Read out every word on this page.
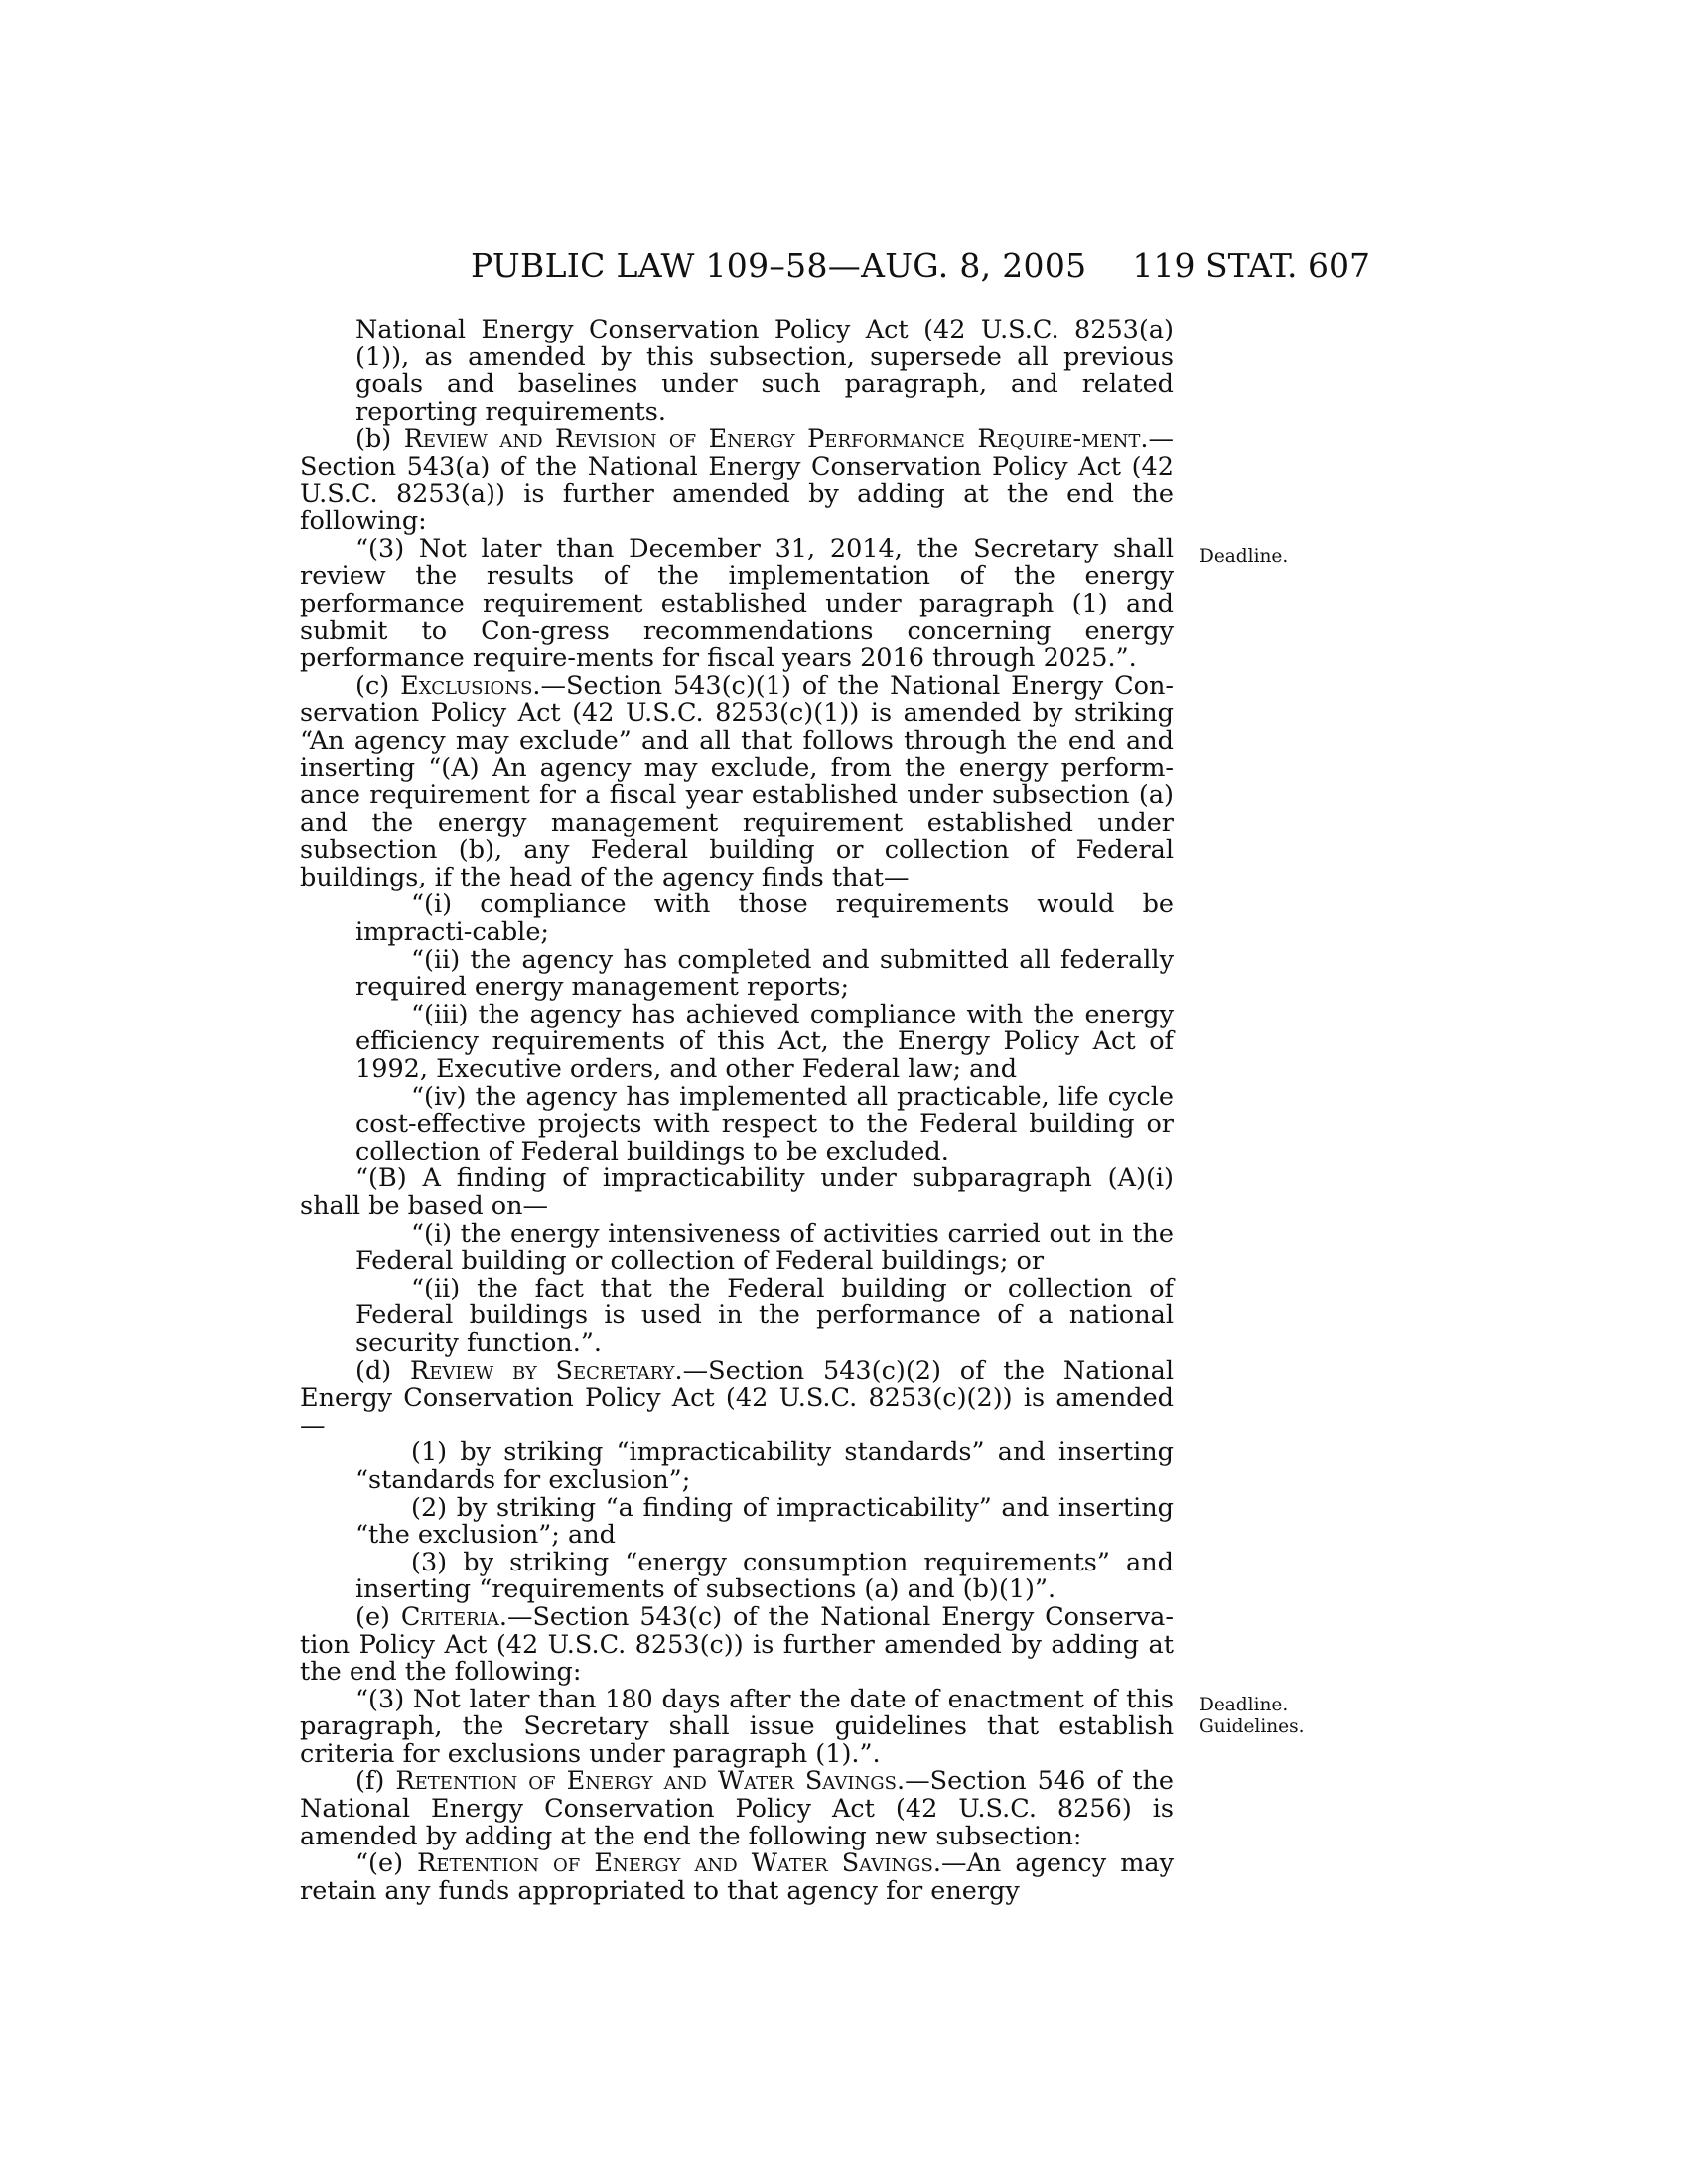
PUBLIC LAW 109–58—AUG. 8, 2005 119 STAT. 607
Deadline.
Deadline.
Guidelines.

National Energy Conservation Policy Act (42 U.S.C. 8253(a)(1)), as amended by this subsection, supersede all previous goals and baselines under such paragraph, and related reporting requirements.

(b) Review and Revision of Energy Performance Require-ment.—Section 543(a) of the National Energy Conservation Policy Act (42 U.S.C. 8253(a)) is further amended by adding at the end the following:

“(3) Not later than December 31, 2014, the Secretary shall review the results of the implementation of the energy performance requirement established under paragraph (1) and submit to Con-gress recommendations concerning energy performance require-ments for fiscal years 2016 through 2025.”.

(c) Exclusions.—Section 543(c)(1) of the National Energy Con-servation Policy Act (42 U.S.C. 8253(c)(1)) is amended by striking “An agency may exclude” and all that follows through the end and inserting “(A) An agency may exclude, from the energy perform-ance requirement for a fiscal year established under subsection (a) and the energy management requirement established under subsection (b), any Federal building or collection of Federal buildings, if the head of the agency finds that—

“(i) compliance with those requirements would be impracti-cable;

“(ii) the agency has completed and submitted all federally required energy management reports;

“(iii) the agency has achieved compliance with the energy efficiency requirements of this Act, the Energy Policy Act of 1992, Executive orders, and other Federal law; and

“(iv) the agency has implemented all practicable, life cycle cost-effective projects with respect to the Federal building or collection of Federal buildings to be excluded.

“(B) A finding of impracticability under subparagraph (A)(i) shall be based on—

“(i) the energy intensiveness of activities carried out in the Federal building or collection of Federal buildings; or

“(ii) the fact that the Federal building or collection of Federal buildings is used in the performance of a national security function.”.

(d) Review by Secretary.—Section 543(c)(2) of the National Energy Conservation Policy Act (42 U.S.C. 8253(c)(2)) is amended—

(1) by striking “impracticability standards” and inserting “standards for exclusion”;

(2) by striking “a finding of impracticability” and inserting “the exclusion”; and

(3) by striking “energy consumption requirements” and inserting “requirements of subsections (a) and (b)(1)”.

(e) Criteria.—Section 543(c) of the National Energy Conserva-tion Policy Act (42 U.S.C. 8253(c)) is further amended by adding at the end the following:

“(3) Not later than 180 days after the date of enactment of this paragraph, the Secretary shall issue guidelines that establish criteria for exclusions under paragraph (1).”.

(f) Retention of Energy and Water Savings.—Section 546 of the National Energy Conservation Policy Act (42 U.S.C. 8256) is amended by adding at the end the following new subsection:

“(e) Retention of Energy and Water Savings.—An agency may retain any funds appropriated to that agency for energy
